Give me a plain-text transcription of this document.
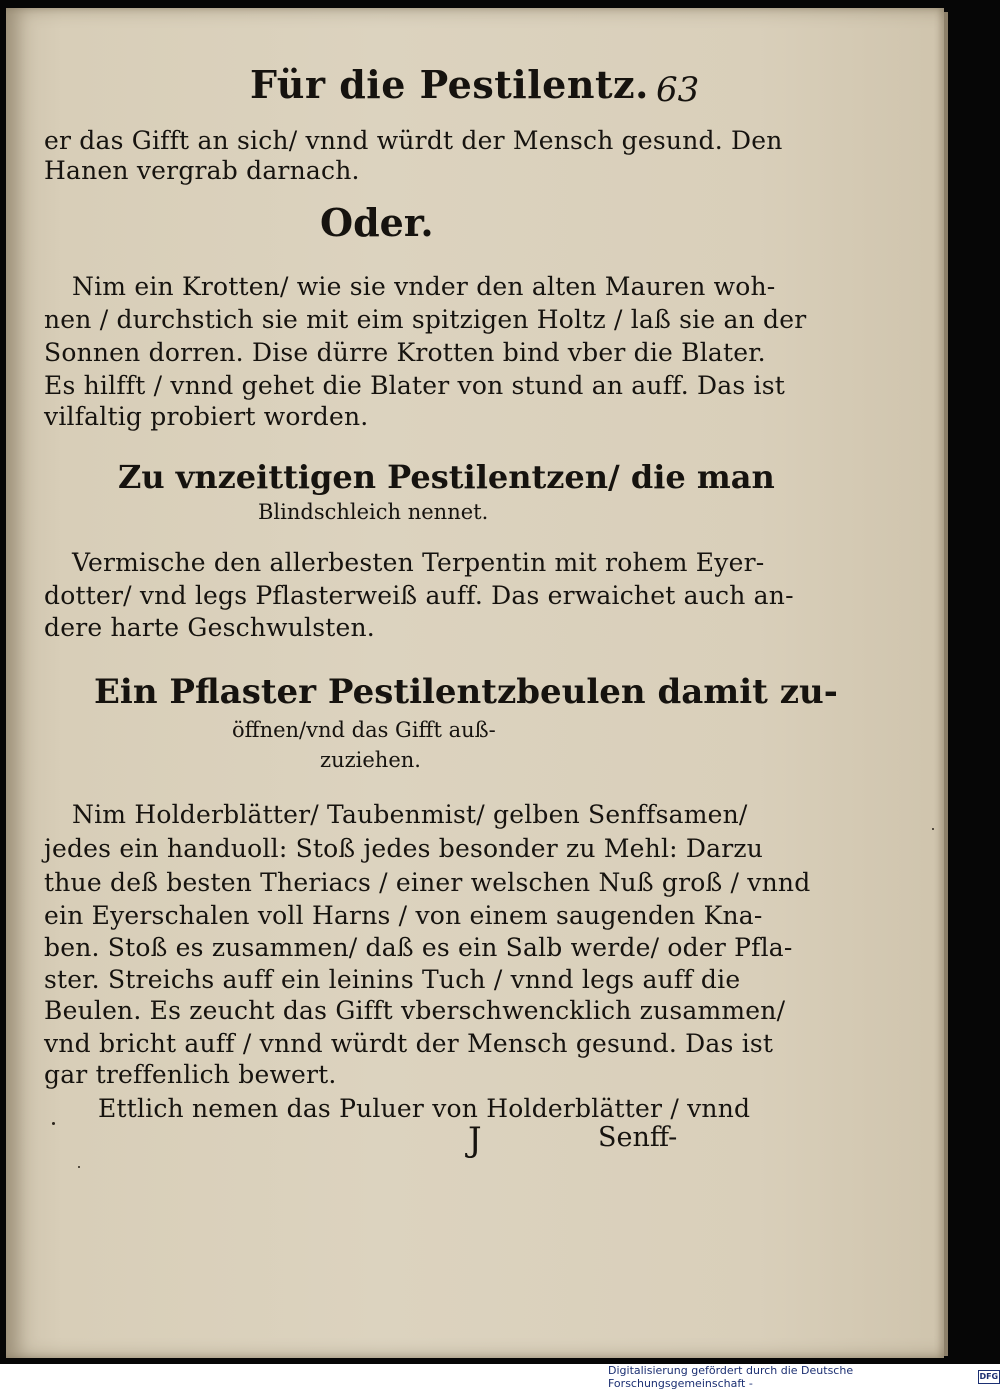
Für die Pestilentz. 63
er das Gifft an sich/ vnnd würdt der Mensch gesund. Den
Hanen vergrab darnach.
Oder.
Nim ein Krotten/ wie sie vnder den alten Mauren woh-
nen / durchstich sie mit eim spitzigen Holtz / laß sie an der
Sonnen dorren. Dise dürre Krotten bind vber die Blater.
Es hilfft / vnnd gehet die Blater von stund an auff. Das ist
vilfaltig probiert worden.
Zu vnzeittigen Pestilentzen/ die man
Blindschleich nennet.
Vermische den allerbesten Terpentin mit rohem Eyer-
dotter/ vnd legs Pflasterweiß auff. Das erwaichet auch an-
dere harte Geschwulsten.
Ein Pflaster Pestilentzbeulen damit zu-
öffnen/vnd das Gifft auß-
zuziehen.
Nim Holderblätter/ Taubenmist/ gelben Senffsamen/
jedes ein handuoll: Stoß jedes besonder zu Mehl: Darzu
thue deß besten Theriacs / einer welschen Nuß groß / vnnd
ein Eyerschalen voll Harns / von einem saugenden Kna-
ben. Stoß es zusammen/ daß es ein Salb werde/ oder Pfla-
ster. Streichs auff ein leinins Tuch / vnnd legs auff die
Beulen. Es zeucht das Gifft vberschwencklich zusammen/
vnd bricht auff / vnnd würdt der Mensch gesund. Das ist
gar treffenlich bewert.
Ettlich nemen das Puluer von Holderblätter / vnnd
J	Senff-
Digitalisierung gefördert durch die Deutsche Forschungsgemeinschaft -
DFG
